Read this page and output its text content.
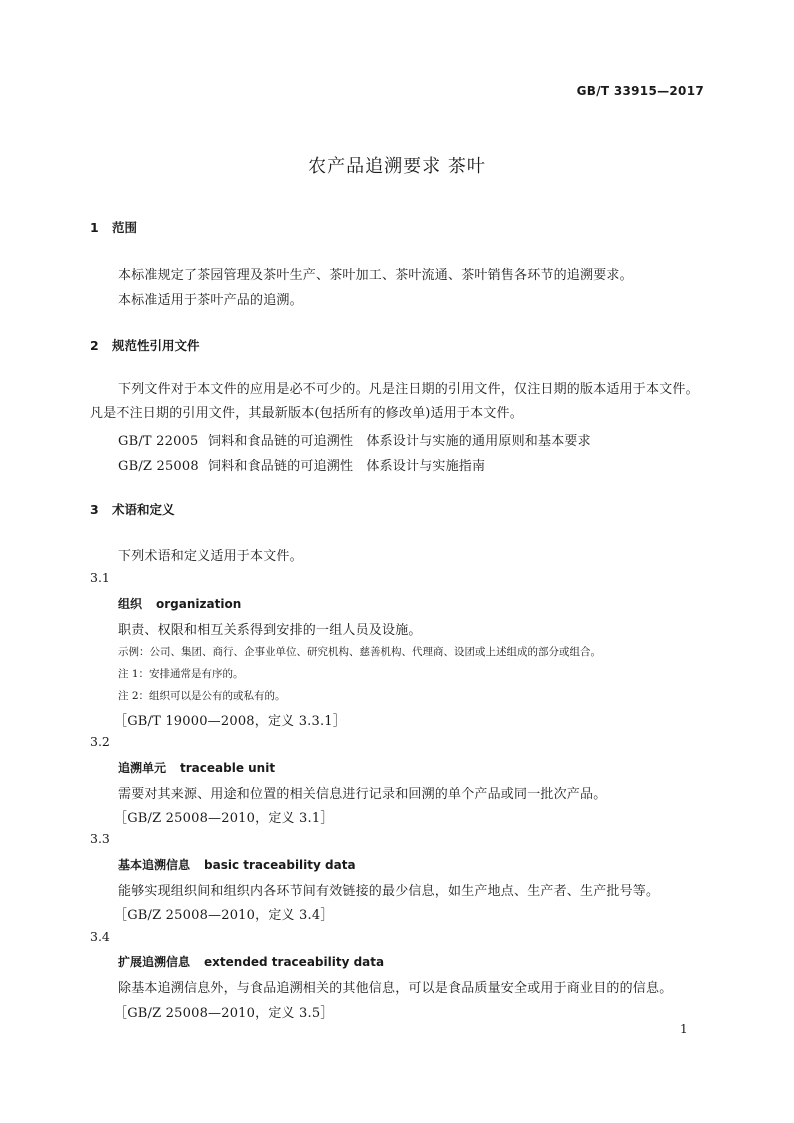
GB/T 33915—2017
农产品追溯要求 茶叶
1 范围
本标准规定了茶园管理及茶叶生产、茶叶加工、茶叶流通、茶叶销售各环节的追溯要求。
本标准适用于茶叶产品的追溯。
2 规范性引用文件
下列文件对于本文件的应用是必不可少的。凡是注日期的引用文件，仅注日期的版本适用于本文件。凡是不注日期的引用文件，其最新版本(包括所有的修改单)适用于本文件。
GB/T 22005 饲料和食品链的可追溯性　体系设计与实施的通用原则和基本要求
GB/Z 25008 饲料和食品链的可追溯性　体系设计与实施指南
3 术语和定义
下列术语和定义适用于本文件。
3.1
组织 organization
职责、权限和相互关系得到安排的一组人员及设施。
示例：公司、集团、商行、企事业单位、研究机构、慈善机构、代理商、设团或上述组成的部分或组合。
注 1：安排通常是有序的。
注 2：组织可以是公有的或私有的。
［GB/T 19000—2008，定义 3.3.1］
3.2
追溯单元 traceable unit
需要对其来源、用途和位置的相关信息进行记录和回溯的单个产品或同一批次产品。
［GB/Z 25008—2010，定义 3.1］
3.3
基本追溯信息 basic traceability data
能够实现组织间和组织内各环节间有效链接的最少信息，如生产地点、生产者、生产批号等。
［GB/Z 25008—2010，定义 3.4］
3.4
扩展追溯信息 extended traceability data
除基本追溯信息外，与食品追溯相关的其他信息，可以是食品质量安全或用于商业目的的信息。
［GB/Z 25008—2010，定义 3.5］
1
